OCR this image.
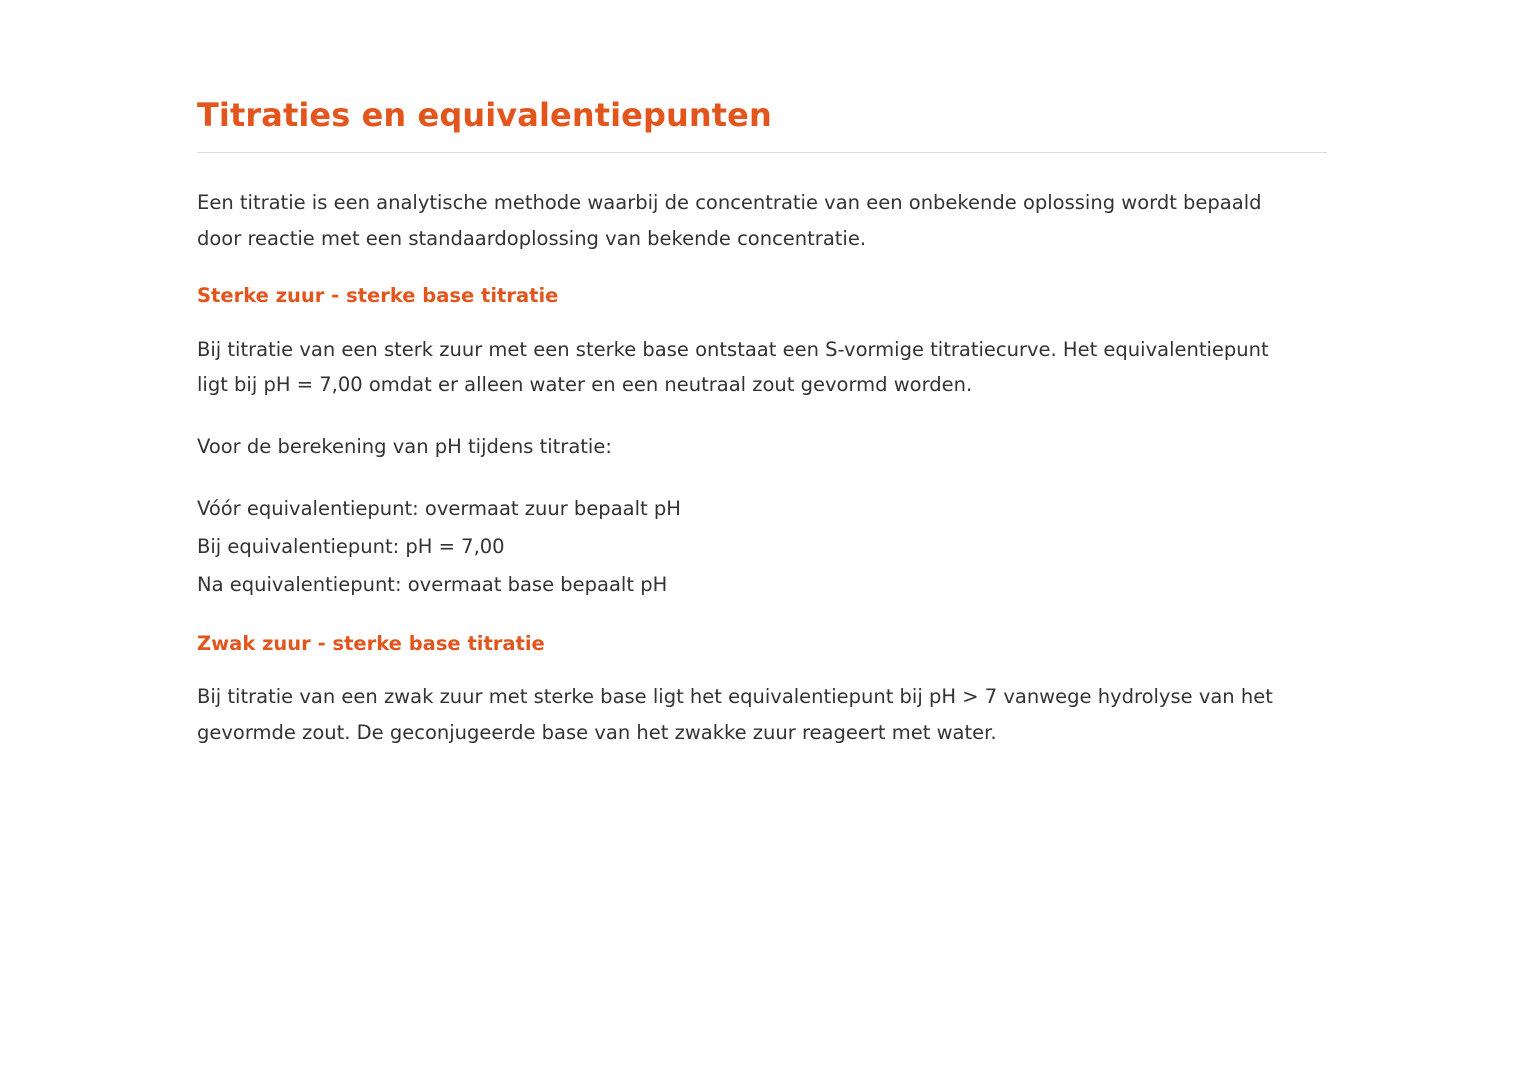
Titraties en equivalentiepunten

Een titratie is een analytische methode waarbij de concentratie van een onbekende oplossing wordt bepaald door reactie met een standaardoplossing van bekende concentratie.

Sterke zuur - sterke base titratie

Bij titratie van een sterk zuur met een sterke base ontstaat een S-vormige titratiecurve. Het equivalentiepunt ligt bij pH = 7,00 omdat er alleen water en een neutraal zout gevormd worden.

Voor de berekening van pH tijdens titratie:

Vóór equivalentiepunt: overmaat zuur bepaalt pH
Bij equivalentiepunt: pH = 7,00
Na equivalentiepunt: overmaat base bepaalt pH
Zwak zuur - sterke base titratie

Bij titratie van een zwak zuur met sterke base ligt het equivalentiepunt bij pH > 7 vanwege hydrolyse van het gevormde zout. De geconjugeerde base van het zwakke zuur reageert met water.
